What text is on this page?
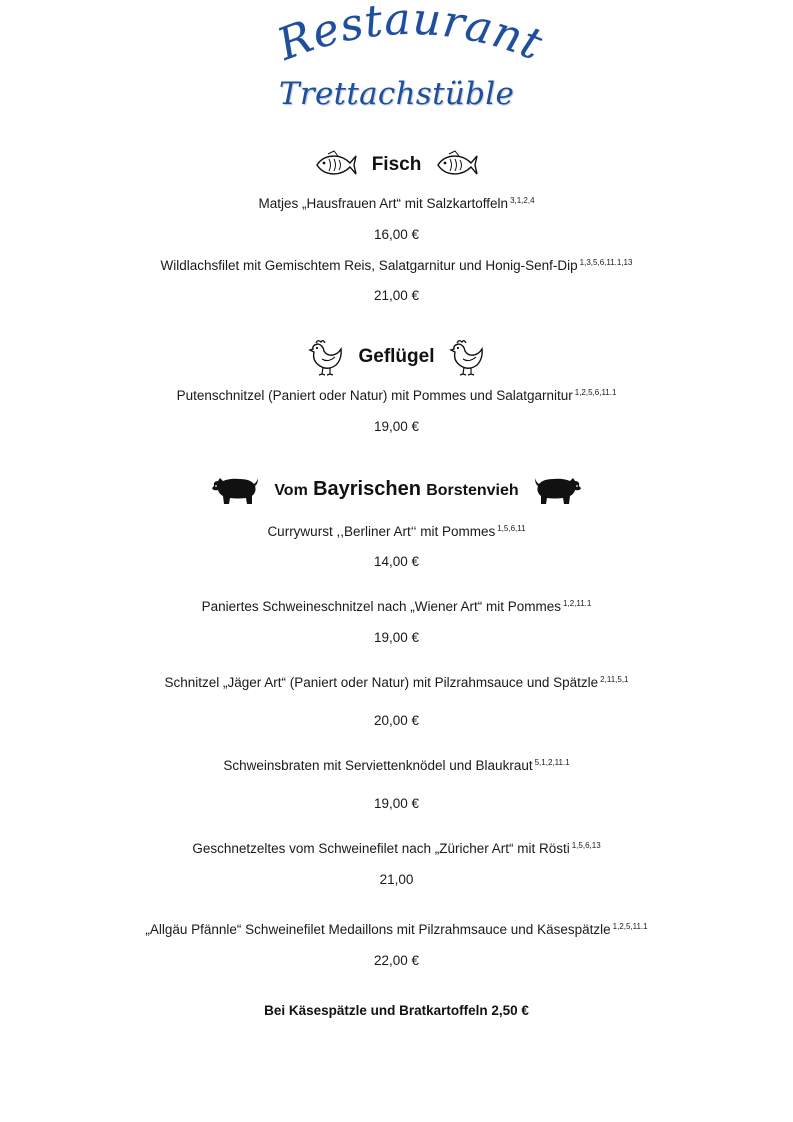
Restaurant
Trettachstüble
Fisch
Matjes „Hausfrauen Art“ mit Salzkartoffeln $^{3,1,2,4}$
16,00 €
Wildlachsfilet mit Gemischtem Reis, Salatgarnitur und Honig-Senf-Dip $^{1,3,5,6,11.1,13}$
21,00 €
Geflügel
Putenschnitzel (Paniert oder Natur) mit Pommes und Salatgarnitur $^{1,2,5,6,11.1}$
19,00 €
Vom Bayrischen Borstenvieh
Currywurst ,,Berliner Art‘‘ mit Pommes $^{1,5,6,11}$
14,00 €
Paniertes Schweineschnitzel nach „Wiener Art“ mit Pommes $^{1,2,11.1}$
19,00 €
Schnitzel „Jäger Art“ (Paniert oder Natur) mit Pilzrahmsauce und Spätzle $^{2,11,5,1}$
20,00 €
Schweinsbraten mit Serviettenknödel und Blaukraut $^{5,1,2,11.1}$
19,00 €
Geschnetzeltes vom Schweinefilet nach „Züricher Art“ mit Rösti $^{1,5,6,13}$
21,00
„Allgäu Pfännle“ Schweinefilet Medaillons mit Pilzrahmsauce und Käsespätzle $^{1,2,5,11.1}$
22,00 €
Bei Käsespätzle und Bratkartoffeln 2,50 €
